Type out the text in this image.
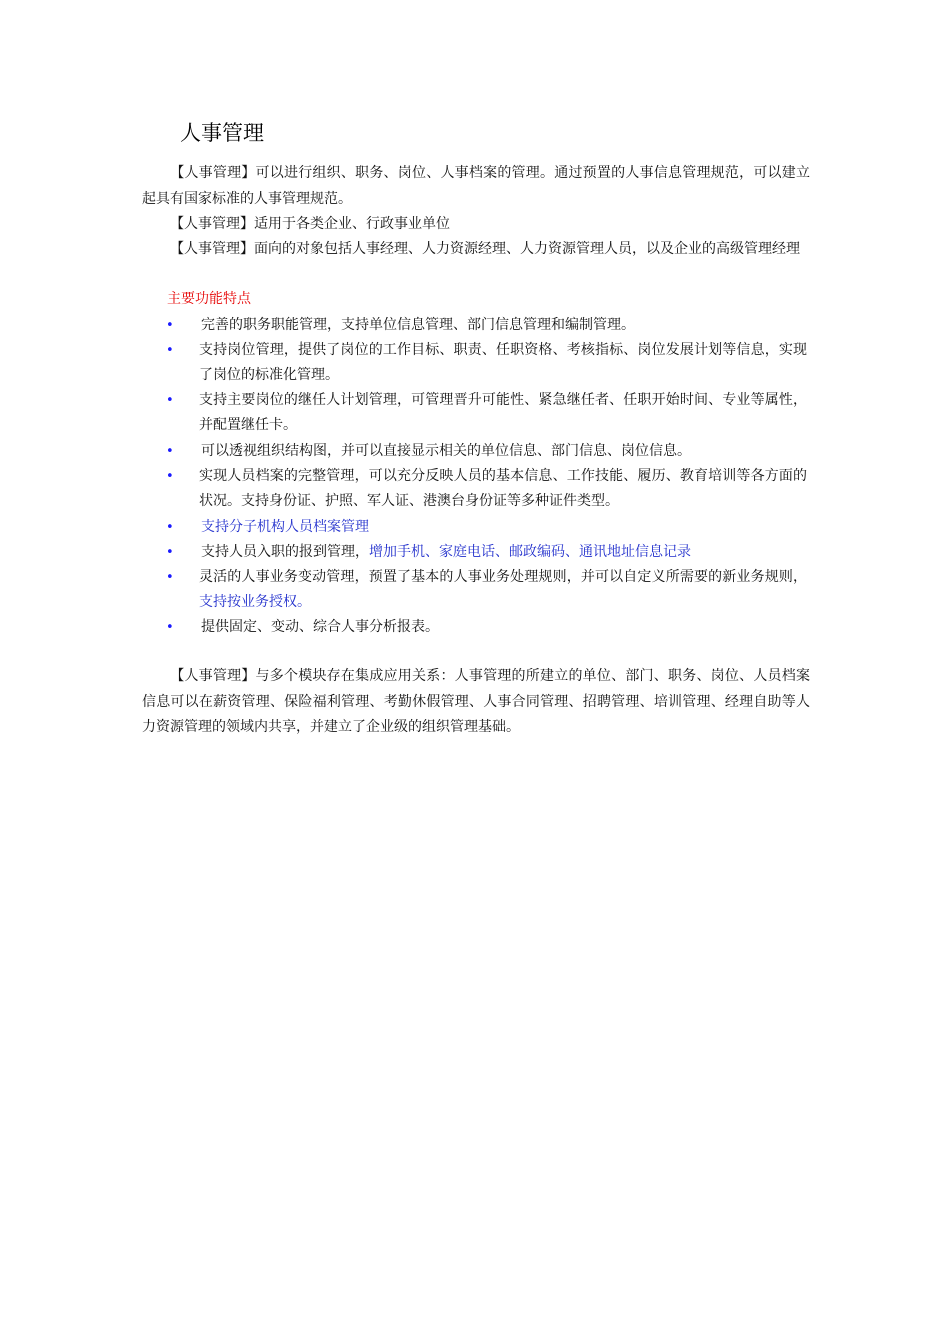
人事管理
【人事管理】可以进行组织、职务、岗位、人事档案的管理。通过预置的人事信息管理规范，可以建立起具有国家标准的人事管理规范。
【人事管理】适用于各类企业、行政事业单位
【人事管理】面向的对象包括人事经理、人力资源经理、人力资源管理人员，以及企业的高级管理经理
主要功能特点
• 完善的职务职能管理，支持单位信息管理、部门信息管理和编制管理。
• 支持岗位管理，提供了岗位的工作目标、职责、任职资格、考核指标、岗位发展计划等信息，实现了岗位的标准化管理。
• 支持主要岗位的继任人计划管理，可管理晋升可能性、紧急继任者、任职开始时间、专业等属性，并配置继任卡。
• 可以透视组织结构图，并可以直接显示相关的单位信息、部门信息、岗位信息。
• 实现人员档案的完整管理，可以充分反映人员的基本信息、工作技能、履历、教育培训等各方面的状况。支持身份证、护照、军人证、港澳台身份证等多种证件类型。
• 支持分子机构人员档案管理
• 支持人员入职的报到管理，增加手机、家庭电话、邮政编码、通讯地址信息记录
• 灵活的人事业务变动管理，预置了基本的人事业务处理规则，并可以自定义所需要的新业务规则，支持按业务授权。
• 提供固定、变动、综合人事分析报表。
【人事管理】与多个模块存在集成应用关系：人事管理的所建立的单位、部门、职务、岗位、人员档案信息可以在薪资管理、保险福利管理、考勤休假管理、人事合同管理、招聘管理、培训管理、经理自助等人力资源管理的领域内共享，并建立了企业级的组织管理基础。
